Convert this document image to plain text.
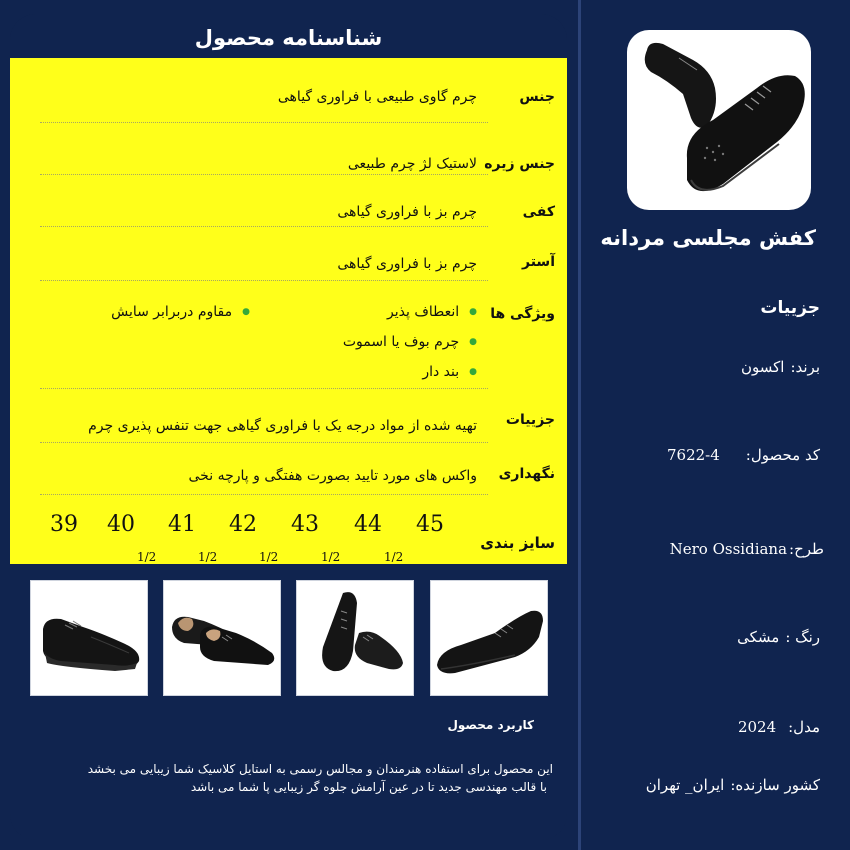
شناسنامه محصول
جنس
چرم گاوی طبیعی با فراوری گیاهی
جنس زیره
لاستیک لژ چرم طبیعی
کفی
چرم بز با فراوری گیاهی
آستر
چرم بز با فراوری گیاهی
ویژگی ها
● انعطاف پذیر
● چرم بوف یا اسموت
● بند دار
● مقاوم دربرابر سایش
جزییات
تهیه شده از مواد درجه یک با فراوری گیاهی جهت تنفس پذیری چرم
نگهداری
واکس های مورد تایید بصورت هفتگی و پارچه نخی
سایز بندی
45
44
43
42
41
40
39
1/2
1/2
1/2
1/2
1/2
کاربرد محصول
این محصول برای استفاده هنرمندان و مجالس رسمی به استایل کلاسیک شما زیبایی می بخشد
با قالب مهندسی جدید تا در عین آرامش جلوه گر زیبایی پا شما می باشد
کفش مجلسی مردانه
جزییات
برند:اکسون
کد محصول:7622-4
طرح:Nero Ossidiana
رنگ :مشکی
مدل:2024
کشور سازنده:ایران_ تهران
